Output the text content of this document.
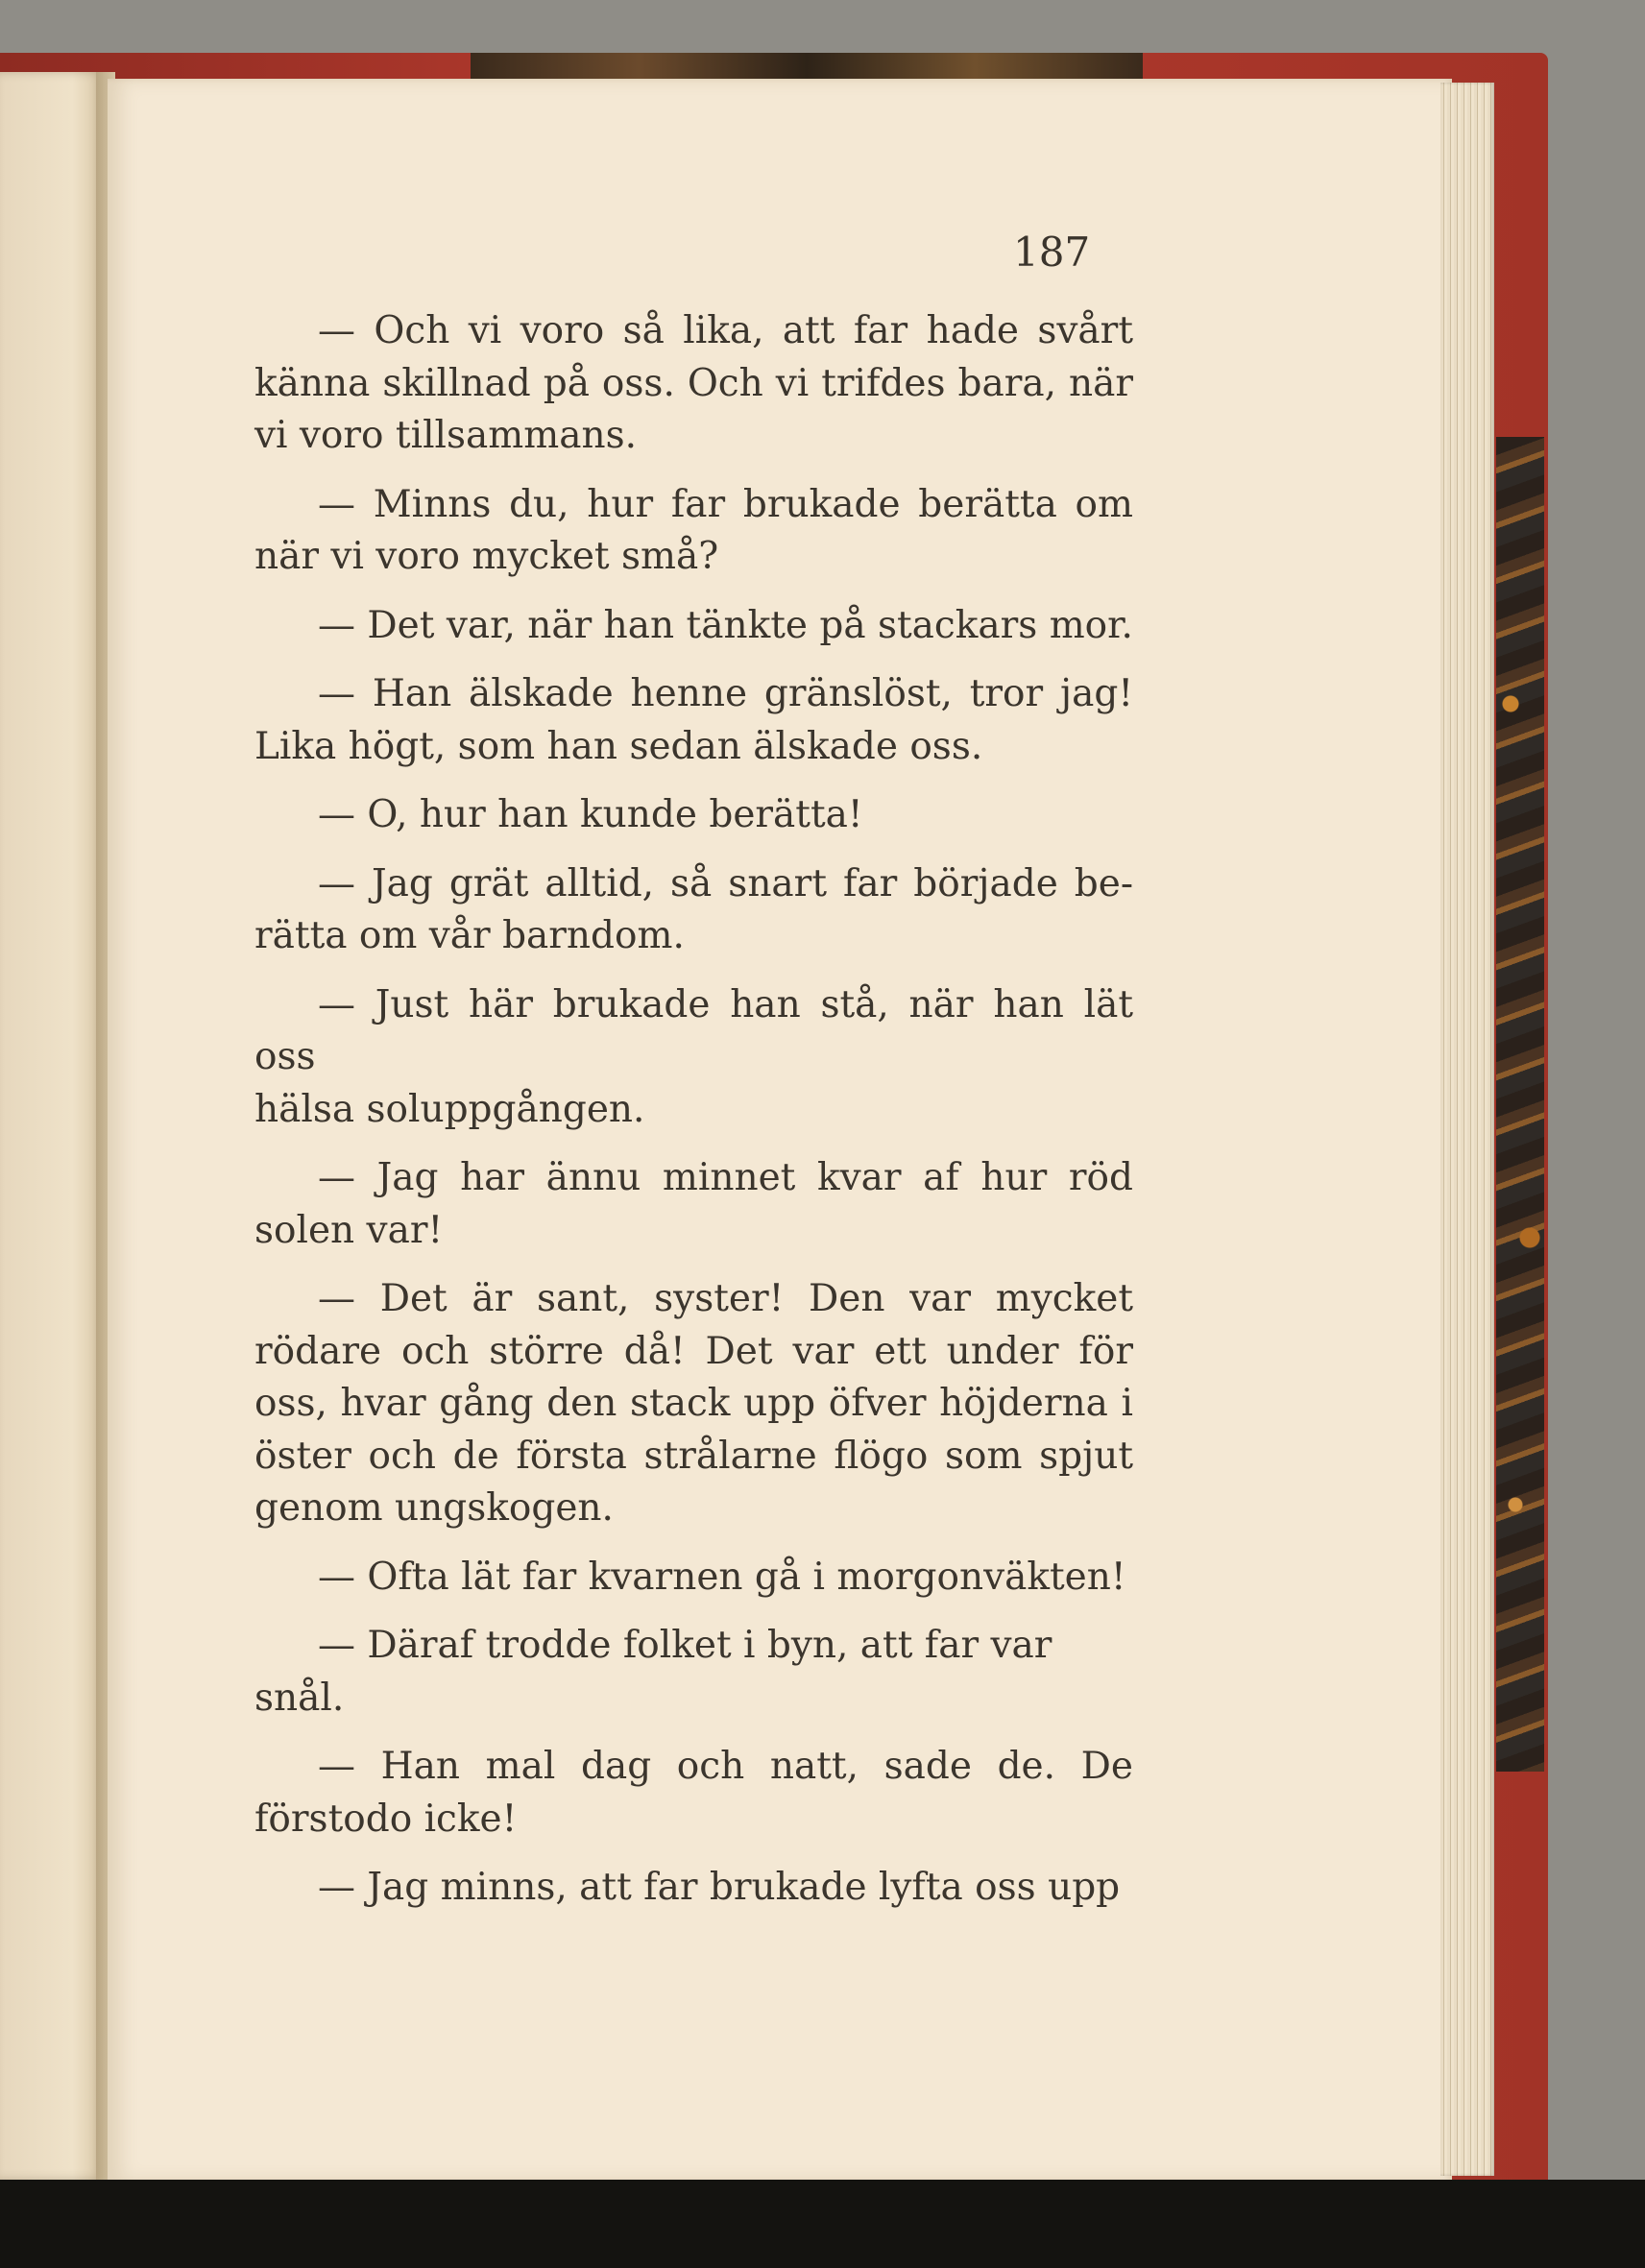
187
— Och vi voro så lika, att far hade svårt
känna skillnad på oss. Och vi trifdes bara, när
vi voro tillsammans.
— Minns du, hur far brukade berätta om
när vi voro mycket små?
— Det var, när han tänkte på stackars mor.
— Han älskade henne gränslöst, tror jag!
Lika högt, som han sedan älskade oss.
— O, hur han kunde berätta!
— Jag grät alltid, så snart far började be-
rätta om vår barndom.
— Just här brukade han stå, när han lät oss
hälsa soluppgången.
— Jag har ännu minnet kvar af hur röd
solen var!
— Det är sant, syster! Den var mycket
rödare och större då! Det var ett under för
oss, hvar gång den stack upp öfver höjderna i
öster och de första strålarne flögo som spjut
genom ungskogen.
— Ofta lät far kvarnen gå i morgonväkten!
— Däraf trodde folket i byn, att far var snål.
— Han mal dag och natt, sade de. De
förstodo icke!
— Jag minns, att far brukade lyfta oss upp
